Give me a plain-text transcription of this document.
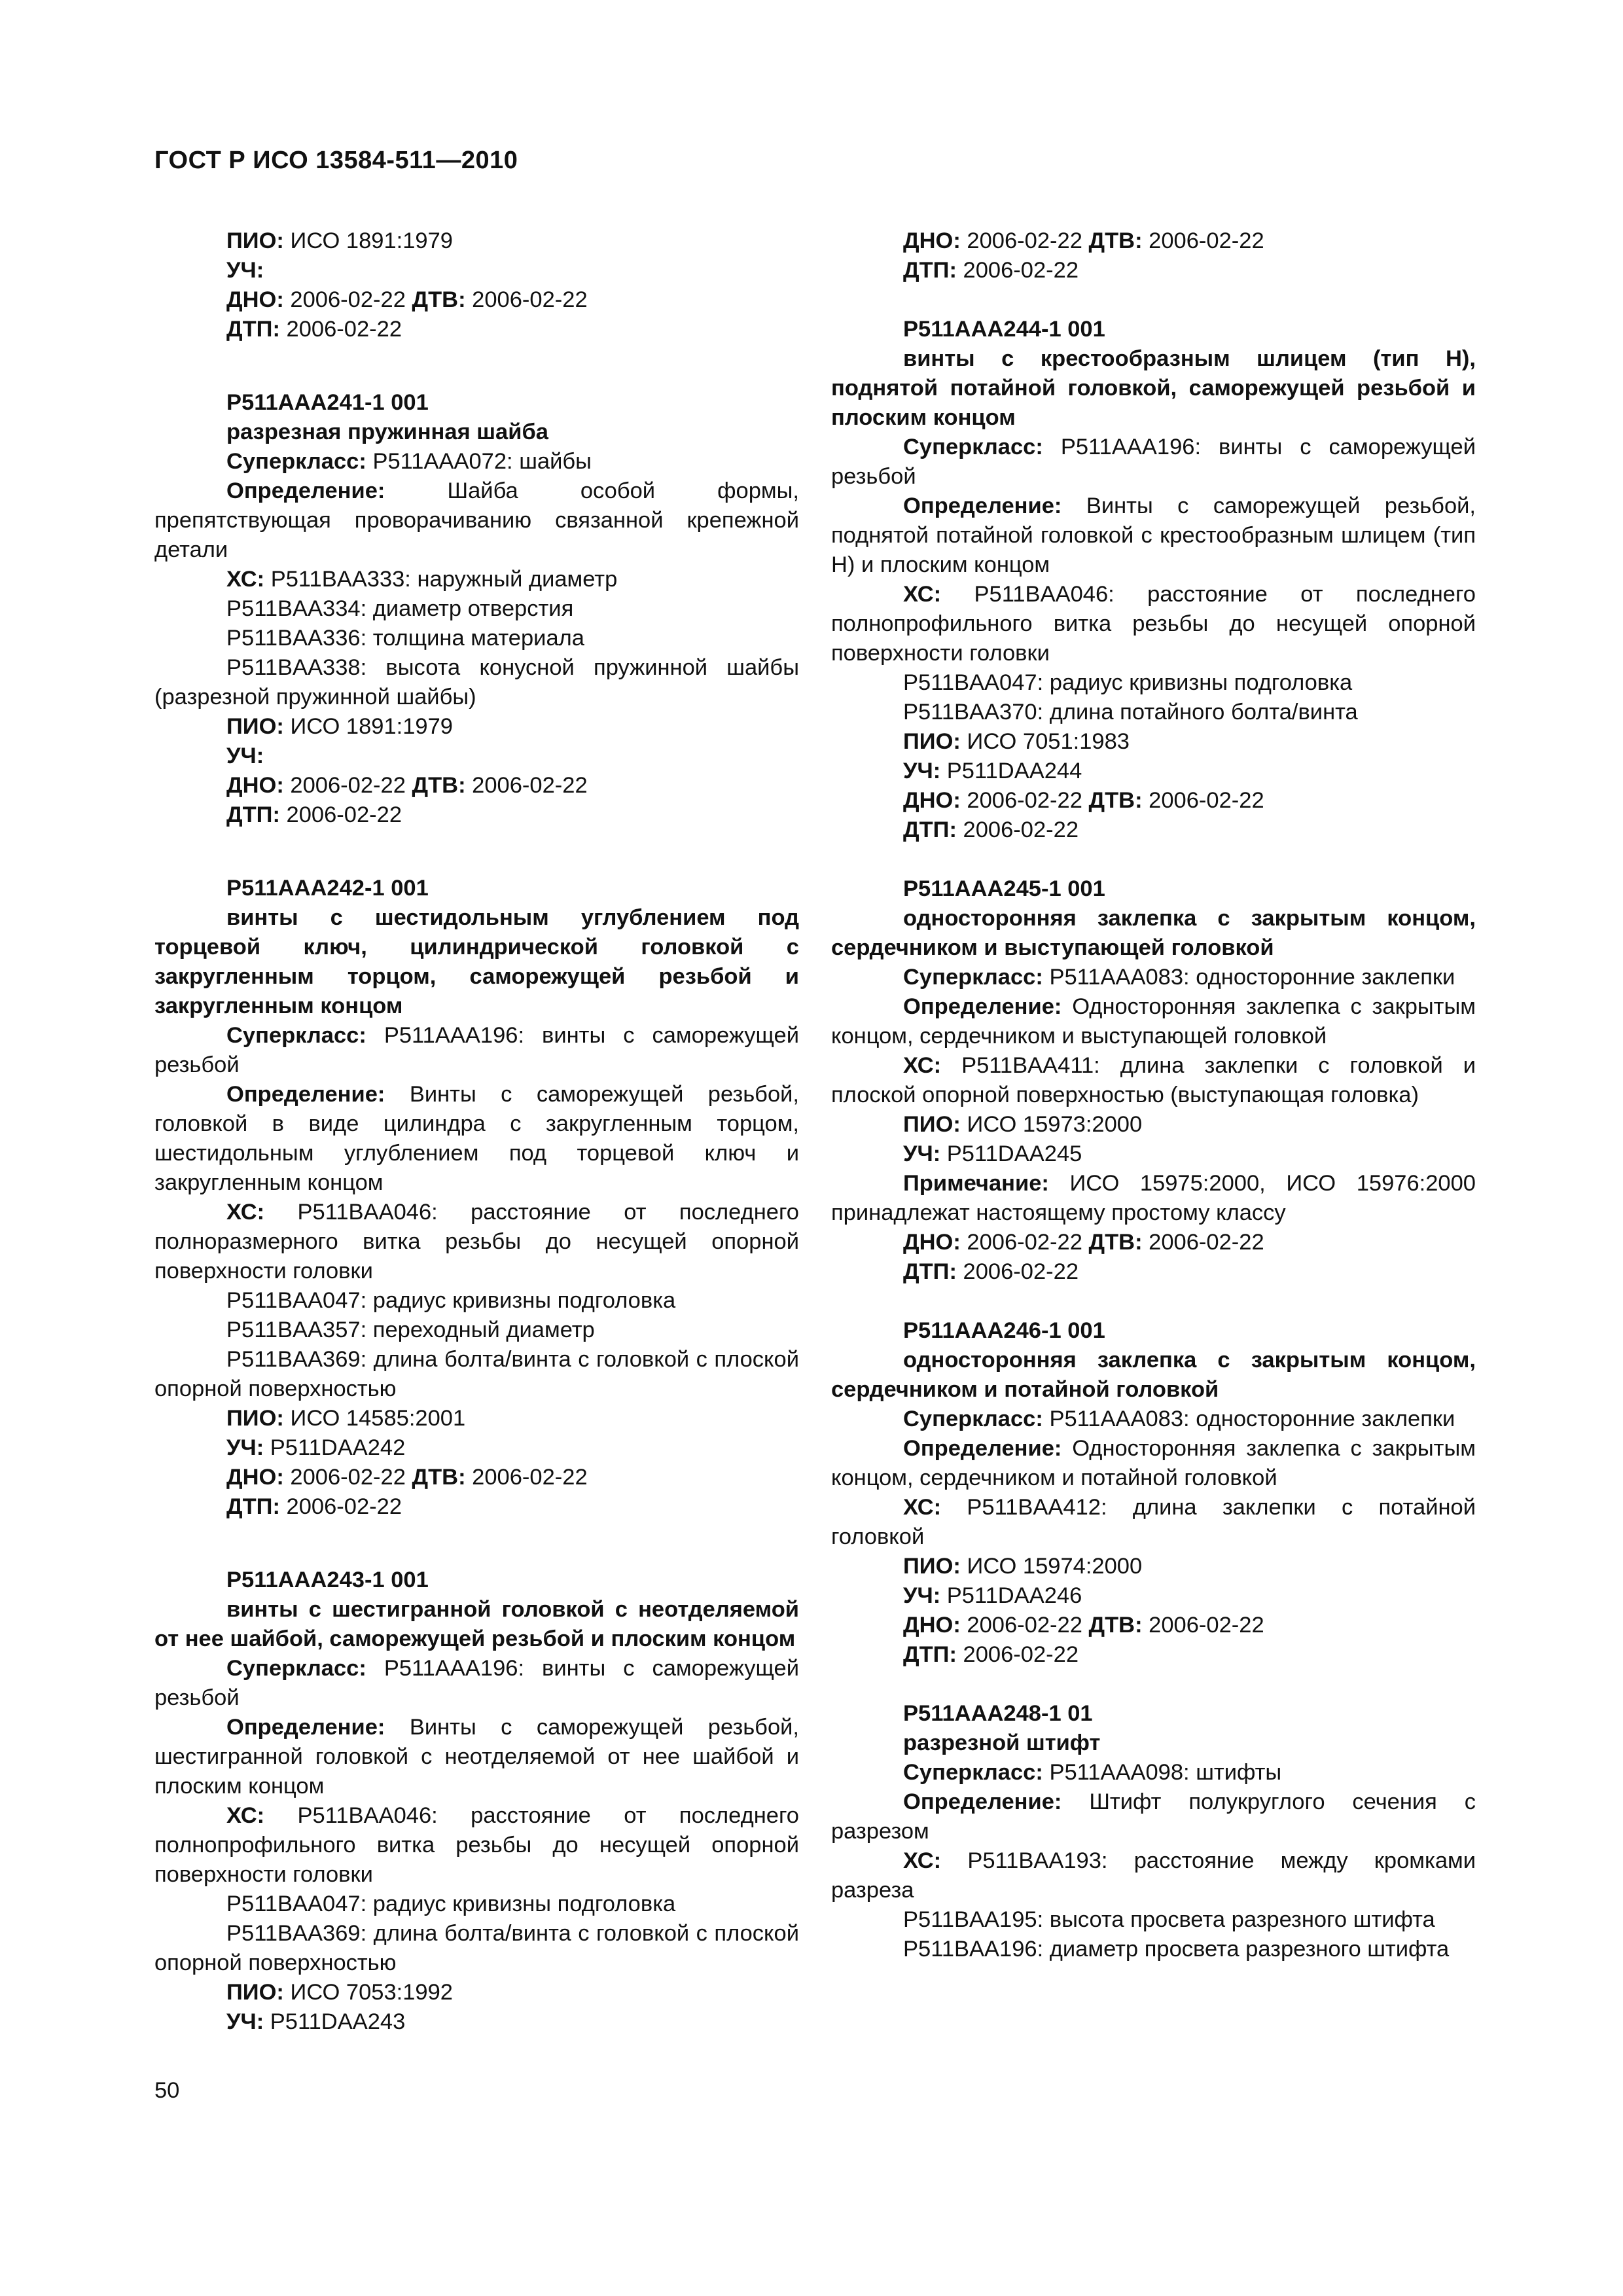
ГОСТ Р ИСО 13584-511—2010

ПИО: ИСО 1891:1979

УЧ:

ДНО: 2006-02-22 ДТВ: 2006-02-22

ДТП: 2006-02-22

P511AAA241-1 001

разрезная пружинная шайба

Суперкласс: P511AAA072: шайбы

Определение:	Шайба особой формы, препятствующая проворачиванию связанной крепежной детали

ХС: P511BAA333: наружный диаметр

P511BAA334: диаметр отверстия

P511BAA336: толщина материала

P511BAA338: высота конусной пружинной шайбы (разрезной пружинной шайбы)

ПИО: ИСО 1891:1979

УЧ:

ДНО: 2006-02-22 ДТВ: 2006-02-22

ДТП: 2006-02-22

P511AAA242-1 001

винты с шестидольным углублением под торцевой ключ, цилиндрической головкой с закругленным торцом, саморежущей резьбой и закругленным концом

Суперкласс: P511AAA196: винты с саморежущей резьбой

Определение: Винты с саморежущей резьбой, головкой в виде цилиндра с закругленным торцом, шестидольным углублением под торцевой ключ и закругленным концом

ХС: P511BAA046: расстояние от последнего полноразмерного витка резьбы до несущей опорной поверхности головки

P511BAA047: радиус кривизны подголовка

P511BAA357: переходный диаметр

P511BAA369: длина болта/винта с головкой с плоской опорной поверхностью

ПИО: ИСО 14585:2001

УЧ: P511DAA242

ДНО: 2006-02-22 ДТВ: 2006-02-22

ДТП: 2006-02-22

P511AAA243-1 001

винты с шестигранной головкой с неотделяемой от нее шайбой, саморежущей резьбой и плоским концом

Суперкласс: P511AAA196: винты с саморежущей резьбой

Определение: Винты с саморежущей резьбой, шестигранной головкой с неотделяемой от нее шайбой и плоским концом

ХС: P511BAA046: расстояние от последнего полнопрофильного витка резьбы до несущей опорной поверхности головки

P511BAA047: радиус кривизны подголовка

P511BAA369: длина болта/винта с головкой с плоской опорной поверхностью

ПИО: ИСО 7053:1992

УЧ: P511DAA243

ДНО: 2006-02-22 ДТВ: 2006-02-22

ДТП: 2006-02-22

P511AAA244-1 001

винты с крестообразным шлицем (тип H), поднятой потайной головкой, саморежущей резьбой и плоским концом

Суперкласс: P511AAA196: винты с саморежущей резьбой

Определение: Винты с саморежущей резьбой, поднятой потайной головкой с крестообразным шлицем (тип H) и плоским концом

ХС: P511BAA046: расстояние от последнего полнопрофильного витка резьбы до несущей опорной поверхности головки

P511BAA047: радиус кривизны подголовка

P511BAA370: длина потайного болта/винта

ПИО: ИСО 7051:1983

УЧ: P511DAA244

ДНО: 2006-02-22 ДТВ: 2006-02-22

ДТП: 2006-02-22

P511AAA245-1 001

односторонняя заклепка с закрытым концом, сердечником и выступающей головкой

Суперкласс: P511AAA083: односторонние заклепки

Определение: Односторонняя заклепка с закрытым концом, сердечником и выступающей головкой

ХС: P511BAA411: длина заклепки с головкой и плоской опорной поверхностью (выступающая головка)

ПИО: ИСО 15973:2000

УЧ: P511DAA245

Примечание: ИСО 15975:2000, ИСО 15976:2000 принадлежат настоящему простому классу

ДНО: 2006-02-22 ДТВ: 2006-02-22

ДТП: 2006-02-22

P511AAA246-1 001

односторонняя заклепка с закрытым концом, сердечником и потайной головкой

Суперкласс: P511AAA083: односторонние заклепки

Определение: Односторонняя заклепка с закрытым концом, сердечником и потайной головкой

ХС: P511BAA412: длина заклепки с потайной головкой

ПИО: ИСО 15974:2000

УЧ: P511DAA246

ДНО: 2006-02-22 ДТВ: 2006-02-22

ДТП: 2006-02-22

P511AAA248-1 01

разрезной штифт

Суперкласс: P511AAA098: штифты

Определение: Штифт полукруглого сечения с разрезом

ХС: P511BAA193: расстояние между кромками разреза

P511BAA195: высота просвета разрезного штифта

P511BAA196: диаметр просвета разрезного штифта

50
